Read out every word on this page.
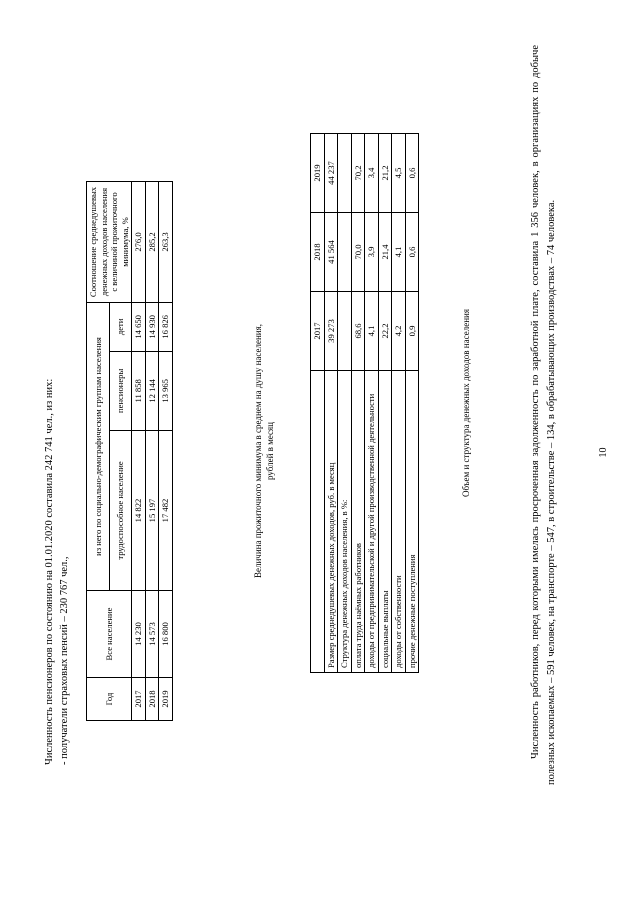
10

Численность работников, перед которыми имелась просроченная задолженность по заработной плате, составила 1 356 человек, в организациях по добыче полезных ископаемых – 591 человек, на транспорте – 547, в строительстве – 134, в обрабатывающих производствах – 74 человека.

Объем и структура денежных доходов населения
	2017	2018	2019
Размер среднедушевых денежных доходов, руб. в месяц	39 273	41 564	44 237
Структура денежных доходов населения, в %:			
оплата труда наёмных работников	68,6	70,0	70,2
доходы от предпринимательской и другой производственной деятельности	4,1	3,9	3,4
социальные выплаты	22,2	21,4	21,2
доходы от собственности	4,2	4,1	4,5
прочие денежные поступления	0,9	0,6	0,6
Величина прожиточного минимума в среднем на душу населения, рублей в месяц
Год	Все население	из него по социально-демографическим группам населения			Соотношение среднедушевых денежных доходов населения с величиной прожиточного минимума, %
		трудоспособное население	пенсионеры	дети	
2017	14 230	14 822	11 858	14 650	276,0
2018	14 573	15 197	12 144	14 930	285,2
2019	16 800	17 482	13 965	16 826	263,3

Численность пенсионеров по состоянию на 01.01.2020 составила 242 741 чел., из них: - получатели страховых пенсий – 230 767 чел.,
